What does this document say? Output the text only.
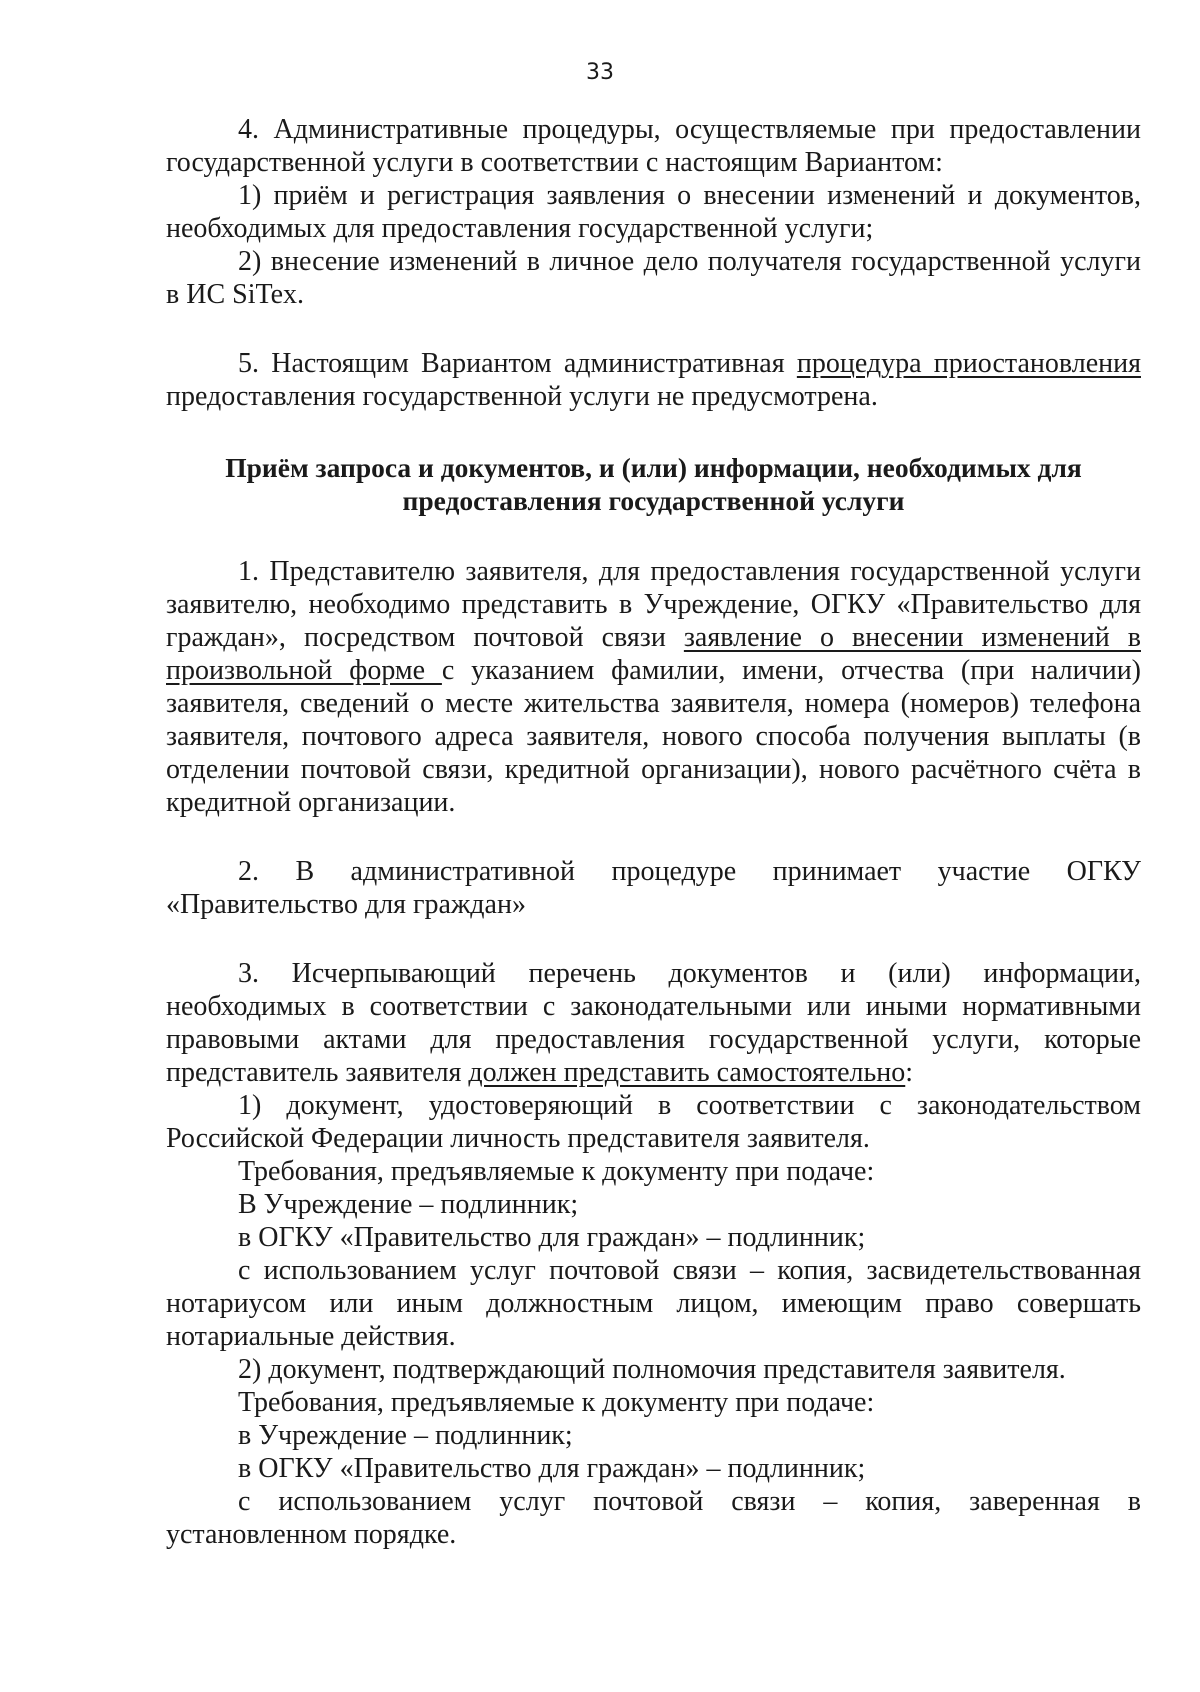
33

4. Административные процедуры, осуществляемые при предоставлении государственной услуги в соответствии с настоящим Вариантом:

1) приём и регистрация заявления о внесении изменений и документов, необходимых для предоставления государственной услуги;

2) внесение изменений в личное дело получателя государственной услуги в ИС SiTex.

5. Настоящим Вариантом административная процедура приостановления предоставления государственной услуги не предусмотрена.

Приём запроса и документов, и (или) информации, необходимых для
предоставления государственной услуги

1. Представителю заявителя, для предоставления государственной услуги заявителю, необходимо представить в Учреждение, ОГКУ «Правительство для граждан», посредством почтовой связи заявление о внесении изменений в произвольной форме с указанием фамилии, имени, отчества (при наличии) заявителя, сведений о месте жительства заявителя, номера (номеров) телефона заявителя, почтового адреса заявителя, нового способа получения выплаты (в отделении почтовой связи, кредитной организации), нового расчётного счёта в кредитной организации.

2. В административной процедуре принимает участие ОГКУ «Правительство для граждан»

3. Исчерпывающий перечень документов и (или) информации, необходимых в соответствии с законодательными или иными нормативными правовыми актами для предоставления государственной услуги, которые представитель заявителя должен представить самостоятельно:

1) документ, удостоверяющий в соответствии с законодательством Российской Федерации личность представителя заявителя.

Требования, предъявляемые к документу при подаче:

В Учреждение – подлинник;

в ОГКУ «Правительство для граждан» – подлинник;

с использованием услуг почтовой связи – копия, засвидетельствованная нотариусом или иным должностным лицом, имеющим право совершать нотариальные действия.

2) документ, подтверждающий полномочия представителя заявителя.

Требования, предъявляемые к документу при подаче:

в Учреждение – подлинник;

в ОГКУ «Правительство для граждан» – подлинник;

с использованием услуг почтовой связи – копия, заверенная в установленном порядке.
